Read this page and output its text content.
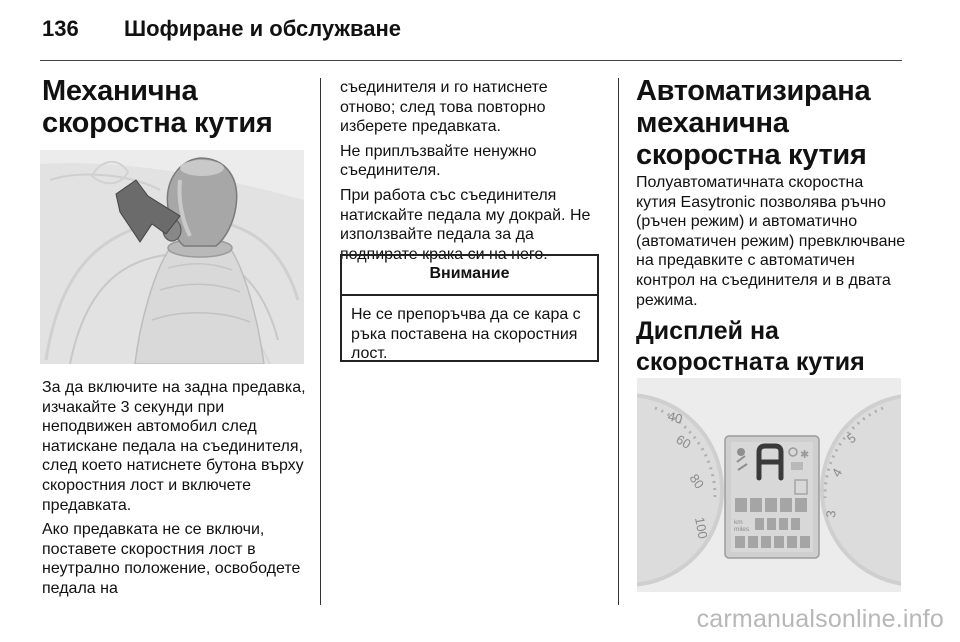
136 Шофиране и обслужване
Механична скоростна кутия

За да включите на задна предавка, изчакайте 3 секунди при неподвижен автомобил след натискане педала на съединителя, след което натиснете бутона върху скоростния лост и включете предавката.

Ако предавката не се включи, поставете скоростния лост в неутрално положение, освободете педала на

съединителя и го натиснете отново; след това повторно изберете предавката.

Не приплъзвайте ненужно съединителя.

При работа със съединителя натискайте педала му докрай. Не използвайте педала за да подпирате крака си на него.

Внимание
Не се препоръчва да се кара с ръка поставена на скоростния лост.
Автоматизирана механична скоростна кутия

Полуавтоматичната скоростна кутия Easytronic позволява ръчно (ръчен режим) и автоматично (автоматичен режим) превключване на предавките с автоматичен контрол на съединителя и в двата режима.

Дисплей на скоростната кутия
60
80
100
40
5
4
3
✱
km
miles
carmanualsonline.info
